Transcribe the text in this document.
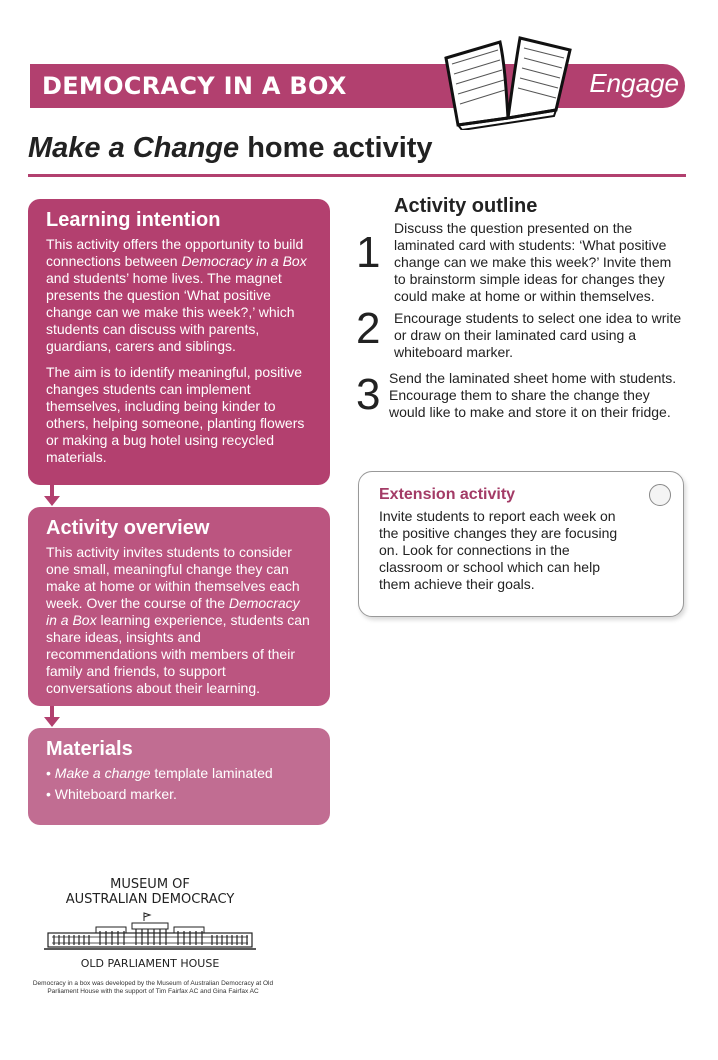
DEMOCRACY IN A BOX	Engage
Make a Change home activity
Learning intention

This activity offers the opportunity to build connections between Democracy in a Box and students’ home lives. The magnet presents the question ‘What positive change can we make this week?,’ which students can discuss with parents, guardians, carers and siblings.

The aim is to identify meaningful, positive changes students can implement themselves, including being kinder to others, helping someone, planting flowers or making a bug hotel using recycled materials.

Activity overview

This activity invites students to consider one small, meaningful change they can make at home or within themselves each week. Over the course of the Democracy in a Box learning experience, students can share ideas, insights and recommendations with members of their family and friends, to support conversations about their learning.

Materials

• Make a change template laminated

• Whiteboard marker.

Activity outline
1 Discuss the question presented on the laminated card with students: ‘What positive change can we make this week?’ Invite them to brainstorm simple ideas for changes they could make at home or within themselves.
2 Encourage students to select one idea to write or draw on their laminated card using a whiteboard marker.
3 Send the laminated sheet home with students. Encourage them to share the change they would like to make and store it on their fridge.
Extension activity

Invite students to report each week on the positive changes they are focusing on. Look for connections in the classroom or school which can help them achieve their goals.

MUSEUM OF
AUSTRALIAN DEMOCRACY
OLD PARLIAMENT HOUSE
Democracy in a box was developed by the Museum of Australian Democracy at Old Parliament House with the support of Tim Fairfax AC and Gina Fairfax AC
